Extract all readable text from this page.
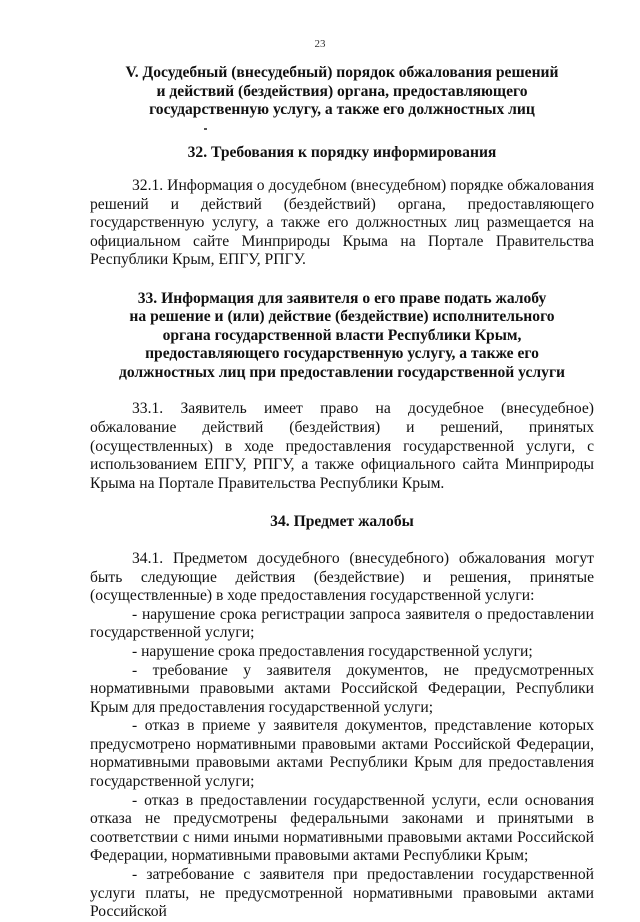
23
V. Досудебный (внесудебный) порядок обжалования решений
и действий (бездействия) органа, предоставляющего
государственную услугу, а также его должностных лиц
32. Требования к порядку информирования

32.1. Информация о досудебном (внесудебном) порядке обжалования решений и действий (бездействий) органа, предоставляющего государственную услугу, а также его должностных лиц размещается на официальном сайте Минприроды Крыма на Портале Правительства Республики Крым, ЕПГУ, РПГУ.

33. Информация для заявителя о его праве подать жалобу
на решение и (или) действие (бездействие) исполнительного
органа государственной власти Республики Крым,
предоставляющего государственную услугу, а также его
должностных лиц при предоставлении государственной услуги

33.1. Заявитель имеет право на досудебное (внесудебное) обжалование действий (бездействия) и решений, принятых (осуществленных) в ходе предоставления государственной услуги, с использованием ЕПГУ, РПГУ, а также официального сайта Минприроды Крыма на Портале Правительства Республики Крым.

34. Предмет жалобы

34.1. Предметом досудебного (внесудебного) обжалования могут быть следующие действия (бездействие) и решения, принятые (осуществленные) в ходе предоставления государственной услуги:

- нарушение срока регистрации запроса заявителя о предоставлении государственной услуги;

- нарушение срока предоставления государственной услуги;

- требование у заявителя документов, не предусмотренных нормативными правовыми актами Российской Федерации, Республики Крым для предоставления государственной услуги;

- отказ в приеме у заявителя документов, представление которых предусмотрено нормативными правовыми актами Российской Федерации, нормативными правовыми актами Республики Крым для предоставления государственной услуги;

- отказ в предоставлении государственной услуги, если основания отказа не предусмотрены федеральными законами и принятыми в соответствии с ними иными нормативными правовыми актами Российской Федерации, нормативными правовыми актами Республики Крым;

- затребование с заявителя при предоставлении государственной услуги платы, не предусмотренной нормативными правовыми актами Российской
